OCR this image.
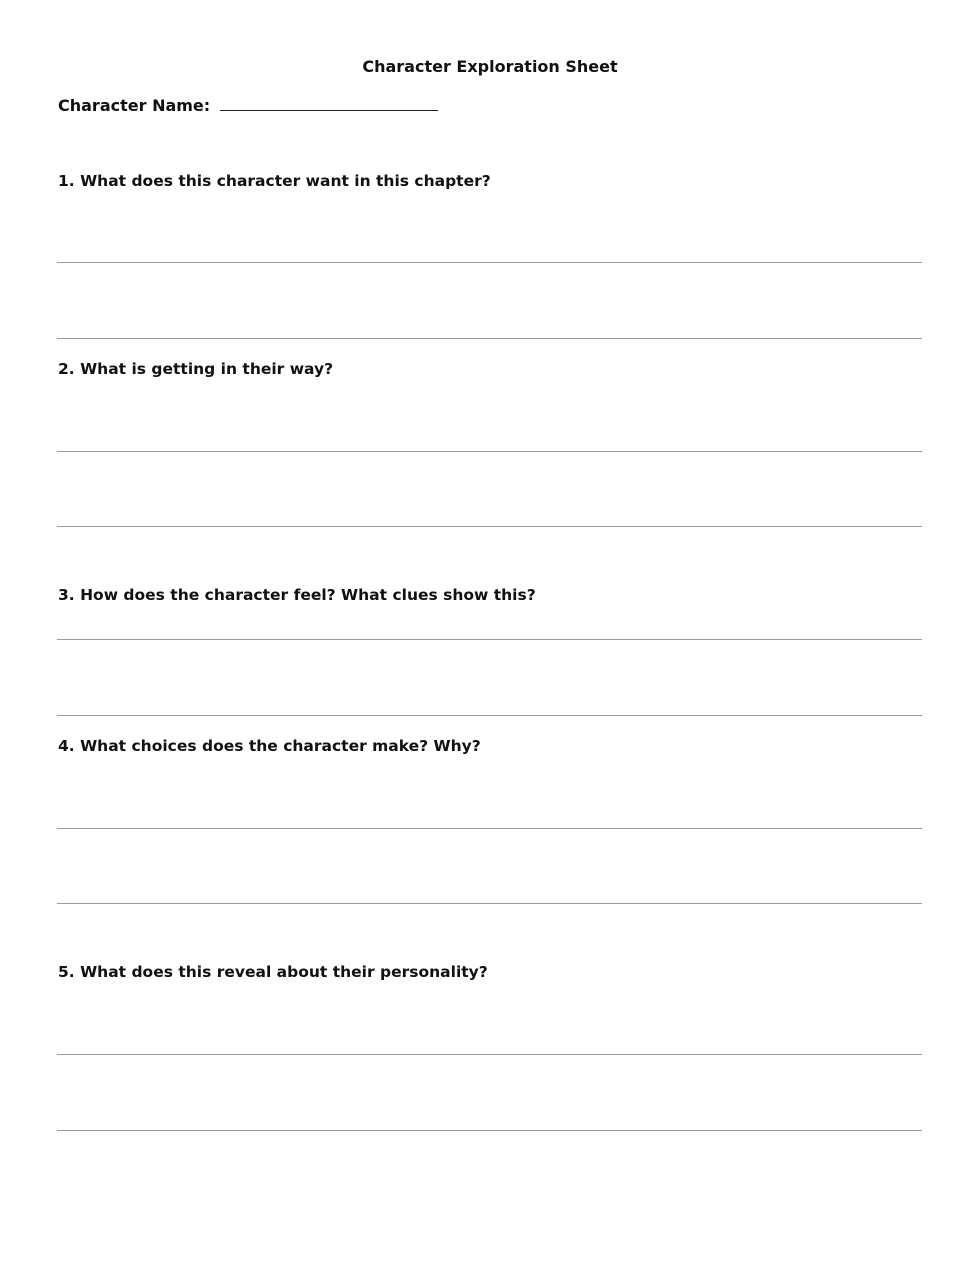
Character Exploration Sheet
Character Name:
1. What does this character want in this chapter?
2. What is getting in their way?
3. How does the character feel? What clues show this?
4. What choices does the character make? Why?
5. What does this reveal about their personality?
